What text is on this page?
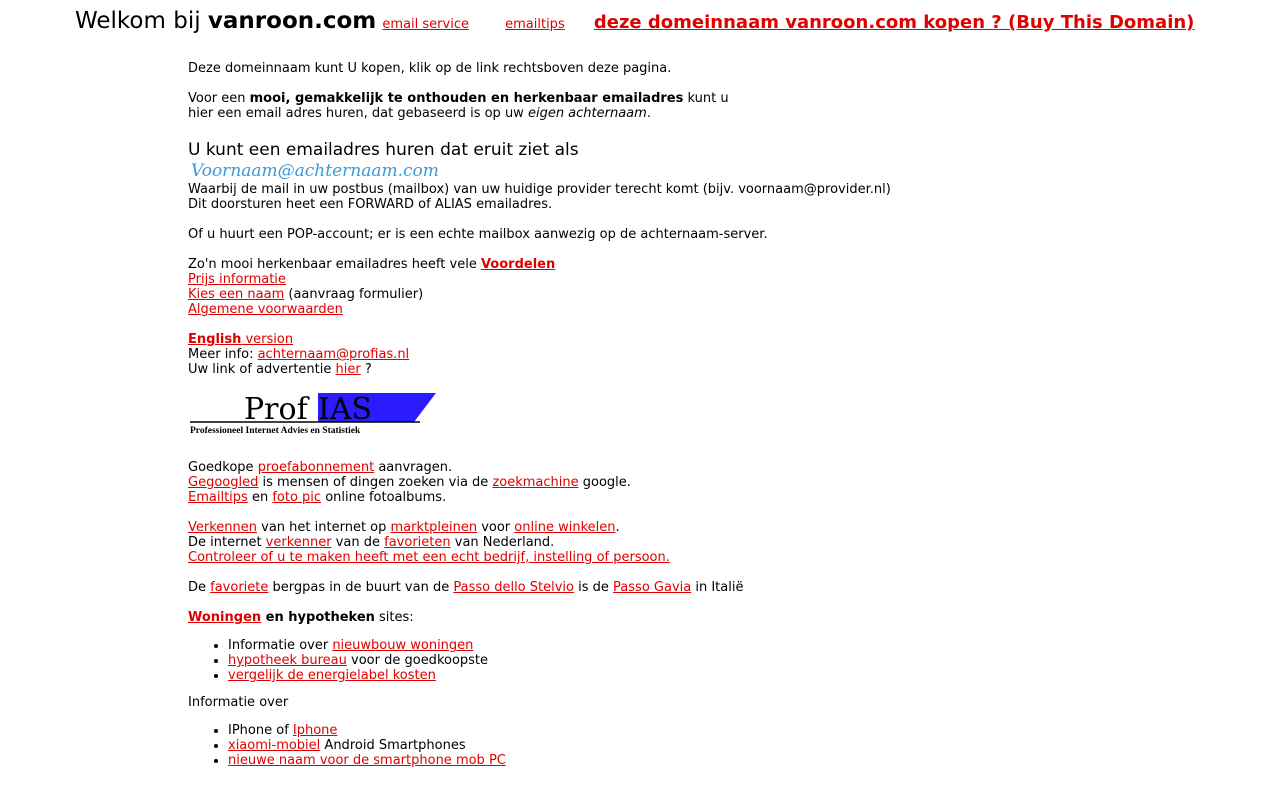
Welkom bij vanroon.com email service	emailtips deze domeinnaam vanroon.com kopen ? (Buy This Domain)
Deze domeinnaam kunt U kopen, klik op de link rechtsboven deze pagina.
Voor een mooi, gemakkelijk te onthouden en herkenbaar emailadres kunt u
hier een email adres huren, dat gebaseerd is op uw eigen achternaam.
U kunt een emailadres huren dat eruit ziet als
Voornaam@achternaam.com
Waarbij de mail in uw postbus (mailbox) van uw huidige provider terecht komt (bijv. voornaam@provider.nl)
Dit doorsturen heet een FORWARD of ALIAS emailadres.
Of u huurt een POP-account; er is een echte mailbox aanwezig op de achternaam-server.
Zo'n mooi herkenbaar emailadres heeft vele Voordelen
Prijs informatie
Kies een naam (aanvraag formulier)
Algemene voorwaarden
English version
Meer info: achternaam@profias.nl
Uw link of advertentie hier ?
Prof IAS
Professioneel Internet Advies en Statistiek
Goedkope proefabonnement aanvragen.
Gegoogled is mensen of dingen zoeken via de zoekmachine google.
Emailtips en foto pic online fotoalbums.
Verkennen van het internet op marktpleinen voor online winkelen.
De internet verkenner van de favorieten van Nederland.
Controleer of u te maken heeft met een echt bedrijf, instelling of persoon.
De favoriete bergpas in de buurt van de Passo dello Stelvio is de Passo Gavia in Italië
Woningen en hypotheken sites:
• Informatie over nieuwbouw woningen
• hypotheek bureau voor de goedkoopste
• vergelijk de energielabel kosten
Informatie over
• IPhone of Iphone
• xiaomi-mobiel Android Smartphones
• nieuwe naam voor de smartphone mob PC
